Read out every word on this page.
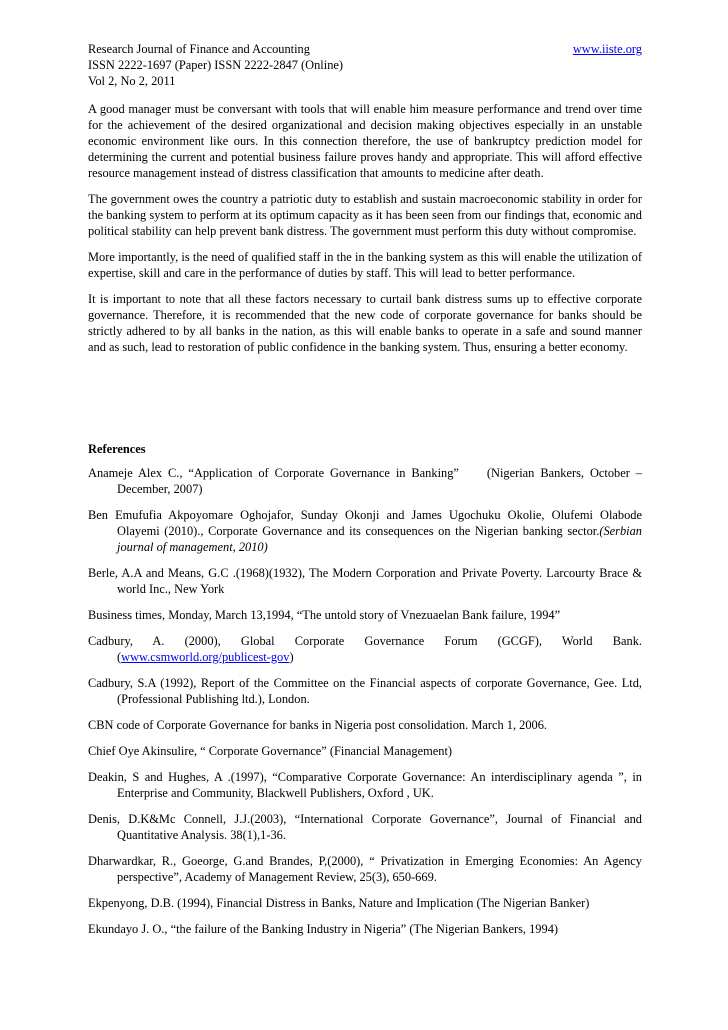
Research Journal of Finance and Accounting	www.iiste.org
ISSN 2222-1697 (Paper) ISSN 2222-2847 (Online)
Vol 2, No 2, 2011

A good manager must be conversant with tools that will enable him measure performance and trend over time for the achievement of the desired organizational and decision making objectives especially in an unstable economic environment like ours. In this connection therefore, the use of bankruptcy prediction model for determining the current and potential business failure proves handy and appropriate. This will afford effective resource management instead of distress classification that amounts to medicine after death.

The government owes the country a patriotic duty to establish and sustain macroeconomic stability in order for the banking system to perform at its optimum capacity as it has been seen from our findings that, economic and political stability can help prevent bank distress. The government must perform this duty without compromise.

More importantly, is the need of qualified staff in the in the banking system as this will enable the utilization of expertise, skill and care in the performance of duties by staff. This will lead to better performance.

It is important to note that all these factors necessary to curtail bank distress sums up to effective corporate governance. Therefore, it is recommended that the new code of corporate governance for banks should be strictly adhered to by all banks in the nation, as this will enable banks to operate in a safe and sound manner and as such, lead to restoration of public confidence in the banking system. Thus, ensuring a better economy.

References

Anameje Alex C., “Application of Corporate Governance in Banking” (Nigerian Bankers, October – December, 2007)

Ben Emufufia Akpoyomare Oghojafor, Sunday Okonji and James Ugochuku Okolie, Olufemi Olabode Olayemi (2010)., Corporate Governance and its consequences on the Nigerian banking sector.(Serbian journal of management, 2010)

Berle, A.A and Means, G.C .(1968)(1932), The Modern Corporation and Private Poverty. Larcourty Brace & world Inc., New York

Business times, Monday, March 13,1994, “The untold story of Vnezuaelan Bank failure, 1994”

Cadbury, A. (2000), Global Corporate Governance Forum (GCGF), World Bank. (www.csmworld.org/publicest-gov)

Cadbury, S.A (1992), Report of the Committee on the Financial aspects of corporate Governance, Gee. Ltd, (Professional Publishing ltd.), London.

CBN code of Corporate Governance for banks in Nigeria post consolidation. March 1, 2006.

Chief Oye Akinsulire, “ Corporate Governance” (Financial Management)

Deakin, S and Hughes, A .(1997), “Comparative Corporate Governance: An interdisciplinary agenda ”, in Enterprise and Community, Blackwell Publishers, Oxford , UK.

Denis, D.K&Mc Connell, J.J.(2003), “International Corporate Governance”, Journal of Financial and Quantitative Analysis. 38(1),1-36.

Dharwardkar, R., Goeorge, G.and Brandes, P,(2000), “ Privatization in Emerging Economies: An Agency perspective”, Academy of Management Review, 25(3), 650-669.

Ekpenyong, D.B. (1994), Financial Distress in Banks, Nature and Implication (The Nigerian Banker)

Ekundayo J. O., “the failure of the Banking Industry in Nigeria” (The Nigerian Bankers, 1994)
